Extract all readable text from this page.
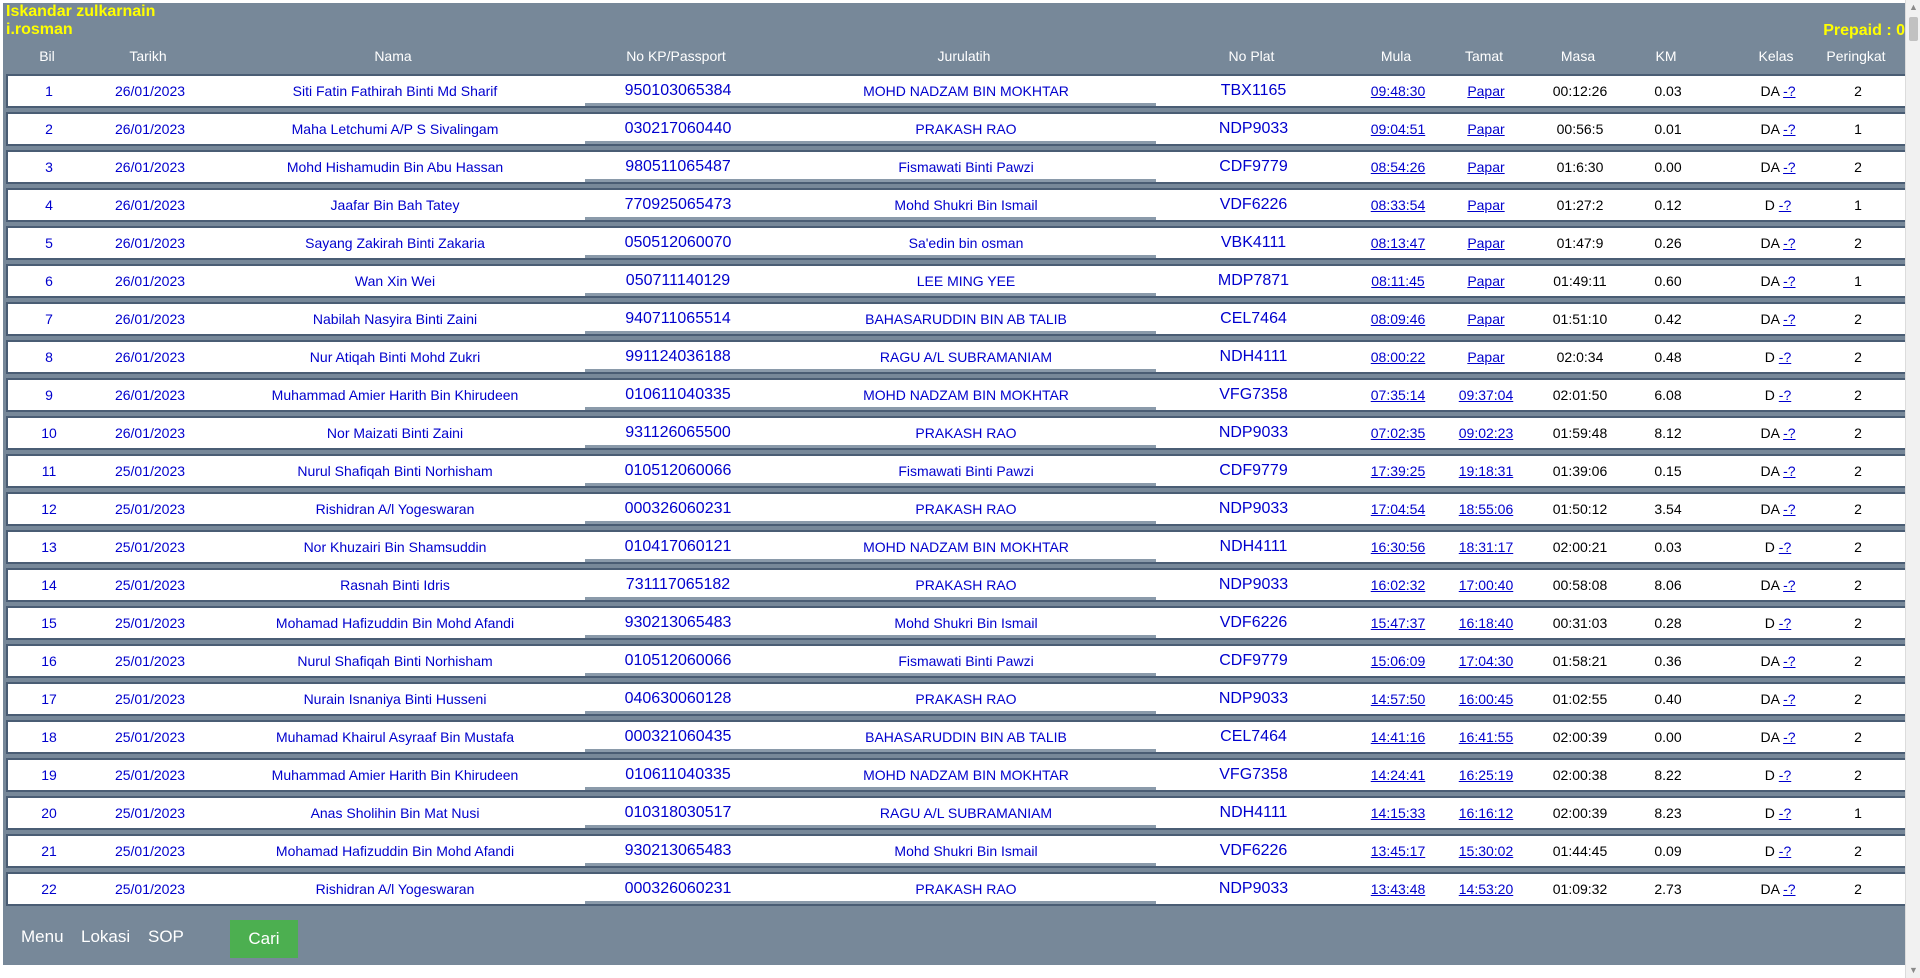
Iskandar zulkarnain
i.rosman	Prepaid : 0
Bil	Tarikh	Nama	No KP/Passport	Jurulatih	No Plat	Mula	Tamat	Masa	KM	Kelas	Peringkat
1	26/01/2023	Siti Fatin Fathirah Binti Md Sharif	950103065384	MOHD NADZAM BIN MOKHTAR	TBX1165	09:48:30	Papar	00:12:26	0.03	DA -?	2
2	26/01/2023	Maha Letchumi A/P S Sivalingam	030217060440	PRAKASH RAO	NDP9033	09:04:51	Papar	00:56:5	0.01	DA -?	1
3	26/01/2023	Mohd Hishamudin Bin Abu Hassan	980511065487	Fismawati Binti Pawzi	CDF9779	08:54:26	Papar	01:6:30	0.00	DA -?	2
4	26/01/2023	Jaafar Bin Bah Tatey	770925065473	Mohd Shukri Bin Ismail	VDF6226	08:33:54	Papar	01:27:2	0.12	D -?	1
5	26/01/2023	Sayang Zakirah Binti Zakaria	050512060070	Sa'edin bin osman	VBK4111	08:13:47	Papar	01:47:9	0.26	DA -?	2
6	26/01/2023	Wan Xin Wei	050711140129	LEE MING YEE	MDP7871	08:11:45	Papar	01:49:11	0.60	DA -?	1
7	26/01/2023	Nabilah Nasyira Binti Zaini	940711065514	BAHASARUDDIN BIN AB TALIB	CEL7464	08:09:46	Papar	01:51:10	0.42	DA -?	2
8	26/01/2023	Nur Atiqah Binti Mohd Zukri	991124036188	RAGU A/L SUBRAMANIAM	NDH4111	08:00:22	Papar	02:0:34	0.48	D -?	2
9	26/01/2023	Muhammad Amier Harith Bin Khirudeen	010611040335	MOHD NADZAM BIN MOKHTAR	VFG7358	07:35:14	09:37:04	02:01:50	6.08	D -?	2
10	26/01/2023	Nor Maizati Binti Zaini	931126065500	PRAKASH RAO	NDP9033	07:02:35	09:02:23	01:59:48	8.12	DA -?	2
11	25/01/2023	Nurul Shafiqah Binti Norhisham	010512060066	Fismawati Binti Pawzi	CDF9779	17:39:25	19:18:31	01:39:06	0.15	DA -?	2
12	25/01/2023	Rishidran A/l Yogeswaran	000326060231	PRAKASH RAO	NDP9033	17:04:54	18:55:06	01:50:12	3.54	DA -?	2
13	25/01/2023	Nor Khuzairi Bin Shamsuddin	010417060121	MOHD NADZAM BIN MOKHTAR	NDH4111	16:30:56	18:31:17	02:00:21	0.03	D -?	2
14	25/01/2023	Rasnah Binti Idris	731117065182	PRAKASH RAO	NDP9033	16:02:32	17:00:40	00:58:08	8.06	DA -?	2
15	25/01/2023	Mohamad Hafizuddin Bin Mohd Afandi	930213065483	Mohd Shukri Bin Ismail	VDF6226	15:47:37	16:18:40	00:31:03	0.28	D -?	2
16	25/01/2023	Nurul Shafiqah Binti Norhisham	010512060066	Fismawati Binti Pawzi	CDF9779	15:06:09	17:04:30	01:58:21	0.36	DA -?	2
17	25/01/2023	Nurain Isnaniya Binti Husseni	040630060128	PRAKASH RAO	NDP9033	14:57:50	16:00:45	01:02:55	0.40	DA -?	2
18	25/01/2023	Muhamad Khairul Asyraaf Bin Mustafa	000321060435	BAHASARUDDIN BIN AB TALIB	CEL7464	14:41:16	16:41:55	02:00:39	0.00	DA -?	2
19	25/01/2023	Muhammad Amier Harith Bin Khirudeen	010611040335	MOHD NADZAM BIN MOKHTAR	VFG7358	14:24:41	16:25:19	02:00:38	8.22	D -?	2
20	25/01/2023	Anas Sholihin Bin Mat Nusi	010318030517	RAGU A/L SUBRAMANIAM	NDH4111	14:15:33	16:16:12	02:00:39	8.23	D -?	1
21	25/01/2023	Mohamad Hafizuddin Bin Mohd Afandi	930213065483	Mohd Shukri Bin Ismail	VDF6226	13:45:17	15:30:02	01:44:45	0.09	D -?	2
22	25/01/2023	Rishidran A/l Yogeswaran	000326060231	PRAKASH RAO	NDP9033	13:43:48	14:53:20	01:09:32	2.73	DA -?	2
Menu Lokasi SOP	Cari
▲
▼
